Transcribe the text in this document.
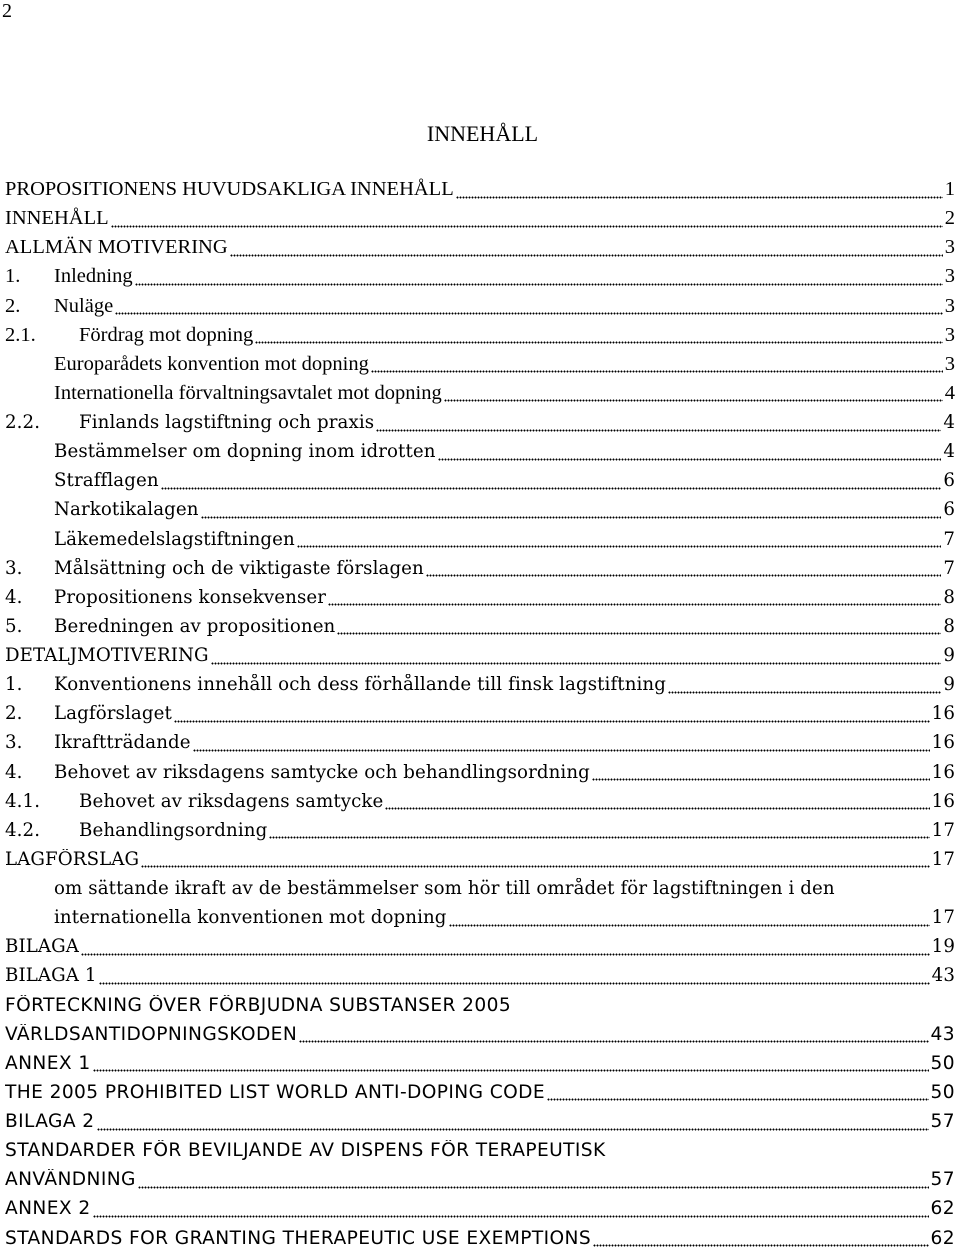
2
INNEHÅLL
PROPOSITIONENS HUVUDSAKLIGA INNEHÅLL	1
INNEHÅLL	2
ALLMÄN MOTIVERING	3
1.	Inledning	3
2.	Nuläge	3
2.1.	Fördrag mot dopning	3
Europarådets konvention mot dopning	3
Internationella förvaltningsavtalet mot dopning	4
2.2.	Finlands lagstiftning och praxis	4
Bestämmelser om dopning inom idrotten	4
Strafflagen	6
Narkotikalagen	6
Läkemedelslagstiftningen	7
3.	Målsättning och de viktigaste förslagen	7
4.	Propositionens konsekvenser	8
5.	Beredningen av propositionen	8
DETALJMOTIVERING	9
1.	Konventionens innehåll och dess förhållande till finsk lagstiftning	9
2.	Lagförslaget	16
3.	Ikraftträdande	16
4.	Behovet av riksdagens samtycke och behandlingsordning	16
4.1.	Behovet av riksdagens samtycke	16
4.2.	Behandlingsordning	17
LAGFÖRSLAG	17
om sättande ikraft av de bestämmelser som hör till området för lagstiftningen i den
internationella konventionen mot dopning	17
BILAGA	19
BILAGA 1	43
FÖRTECKNING ÖVER FÖRBJUDNA SUBSTANSER 2005
VÄRLDSANTIDOPNINGSKODEN	43
ANNEX 1	50
THE 2005 PROHIBITED LIST WORLD ANTI-DOPING CODE	50
BILAGA 2	57
STANDARDER FÖR BEVILJANDE AV DISPENS FÖR TERAPEUTISK
ANVÄNDNING	57
ANNEX 2	62
STANDARDS FOR GRANTING THERAPEUTIC USE EXEMPTIONS	62
